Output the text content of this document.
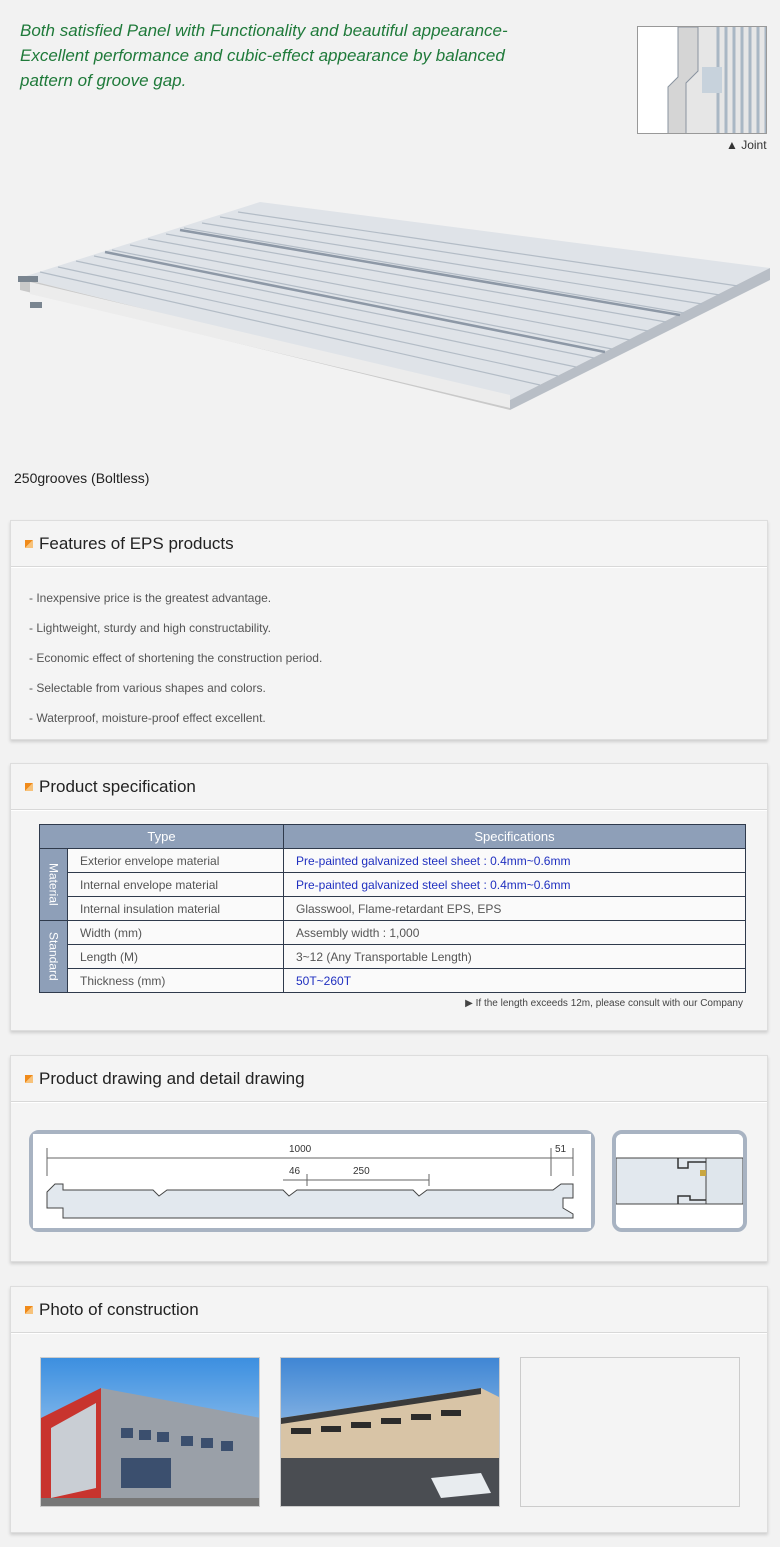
Both satisfied Panel with Functionality and beautiful appearance-
Excellent performance and cubic-effect appearance by balanced
pattern of groove gap.
▲ Joint
250grooves (Boltless)
Features of EPS products
- Inexpensive price is the greatest advantage.
- Lightweight, sturdy and high constructability.
- Economic effect of shortening the construction period.
- Selectable from various shapes and colors.
- Waterproof, moisture-proof effect excellent.
Product specification
Type		Specifications
Material	Exterior envelope material	Pre-painted galvanized steel sheet : 0.4mm~0.6mm
	Internal envelope material	Pre-painted galvanized steel sheet : 0.4mm~0.6mm
	Internal insulation material	Glasswool, Flame-retardant EPS, EPS
Standard	Width (mm)	Assembly width : 1,000
	Length (M)	3~12 (Any Transportable Length)
	Thickness (mm)	50T~260T
▶ If the length exceeds 12m, please consult with our Company
Product drawing and detail drawing
1000	51
46	250
Photo of construction
